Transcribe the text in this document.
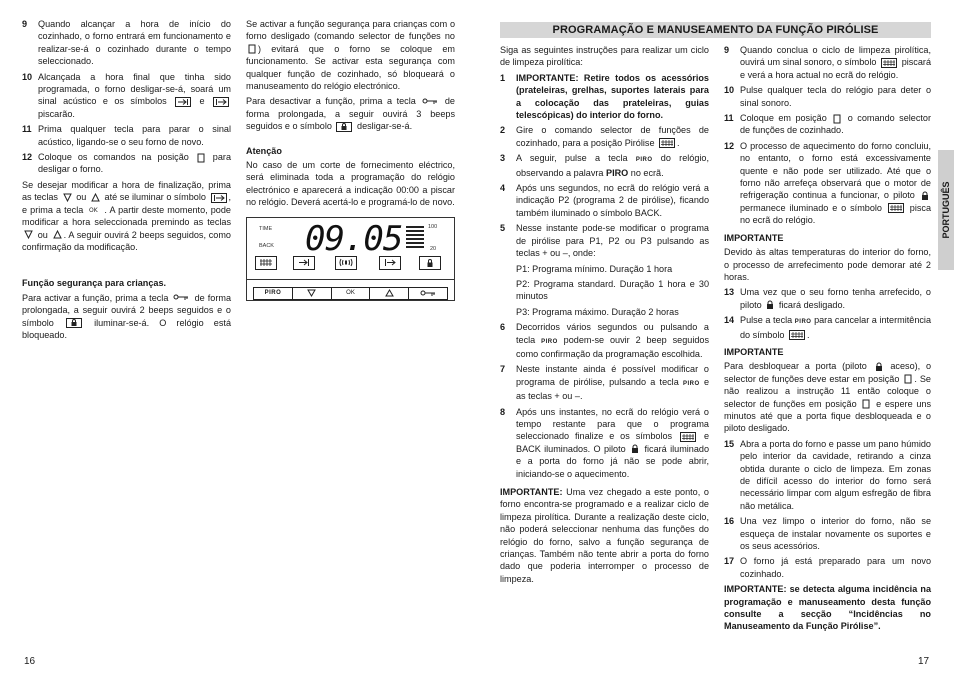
9	Quando alcançar a hora de início do cozinhado, o forno entrará em funcionamento e realizar-se-á o cozinhado durante o tempo seleccionado.
10 Alcançada a hora final que tinha sido programada, o forno desligar-se-á, soará um sinal acústico e os símbolos	e
piscarão.
11 Prima qualquer tecla para parar o sinal acústico, ligando-se o seu forno de novo.
12 Coloque os comandos na posição	para desligar o forno.

Se desejar modificar a hora de finalização, prima as teclas ou até se iluminar o símbolo , e prima a tecla OK . A partir deste momento, pode modificar a hora seleccionada premindo as teclas
ou . A seguir ouvirá 2 beeps seguidos, como confirmação da modificação.

Função segurança para crianças.

Para activar a função, prima a tecla	de forma prolongada, a seguir ouvirá 2 beeps seguidos e o símbolo	iluminar-se-á. O relógio está bloqueado.

Se activar a função segurança para crianças com o forno desligado (comando selector de funções no
) evitará que o forno se coloque em funcionamento. Se activar esta segurança com qualquer função de cozinhado, só bloqueará o manuseamento do relógio electrónico.

Para desactivar a função, prima a tecla	de forma prolongada, a seguir ouvirá 3 beeps seguidos e o símbolo	desligar-se-á.

Atenção

No caso de um corte de fornecimento eléctrico, será eliminada toda a programação do relógio electrónico e aparecerá a indicação 00:00 a piscar no relógio. Deverá acertá-lo e programá-lo de novo.

TIME
BACK 09.05	100
20
PIRO	OK
16
PROGRAMAÇÃO E MANUSEAMENTO DA FUNÇÃO PIRÓLISE
PORTUGUÊS

Siga as seguintes instruções para realizar um ciclo de limpeza pirolítica:

1	IMPORTANTE: Retire todos os acessórios (prateleiras, grelhas, suportes laterais para a colocação das prateleiras, guias telescópicas) do interior do forno.
2	Gire o comando selector de funções de cozinhado, para a posição Pirólise .
3	A seguir, pulse a tecla PIRO do relógio, observando a palavra PIRO no ecrã.
4	Após uns segundos, no ecrã do relógio verá a indicação P2 (programa 2 de pirólise), ficando também iluminado o símbolo BACK.
5	Nesse instante pode-se modificar o programa de pirólise para P1, P2 ou P3 pulsando as teclas + ou –, onde:

P1: Programa mínimo. Duração 1 hora

P2: Programa standard. Duração 1 hora e 30 minutos

P3: Programa máximo. Duração 2 horas

6	Decorridos vários segundos ou pulsando a tecla PIRO podem-se ouvir 2 beep seguidos como confirmação da programação escolhida.
7	Neste instante ainda é possível modificar o programa de pirólise, pulsando a tecla PIRO e as teclas + ou –.
8	Após uns instantes, no ecrã do relógio verá o tempo restante para que o programa seleccionado finalize e os símbolos	e BACK iluminados. O piloto ficará iluminado e a porta do forno já não se pode abrir, iniciando-se o aquecimento.

IMPORTANTE: Uma vez chegado a este ponto, o forno encontra-se programado e a realizar ciclo de limpeza pirolítica. Durante a realização deste ciclo, não poderá seleccionar nenhuma das funções do relógio do forno, salvo a função segurança de crianças. Também não tente abrir a porta do forno dado que poderia interromper o processo de limpeza.

9	Quando conclua o ciclo de limpeza pirolítica, ouvirá um sinal sonoro, o símbolo	piscará e verá a hora actual no ecrã do relógio.
10 Pulse qualquer tecla do relógio para deter o sinal sonoro.
11 Coloque em posição o comando selector de funções de cozinhado.
12 O processo de aquecimento do forno concluiu, no entanto, o forno está excessivamente quente e não pode ser utilizado. Até que o forno não arrefeça observará que o motor de refrigeração continua a funcionar, o piloto
permanece iluminado e o símbolo	pisca no ecrã do relógio.
IMPORTANTE

Devido às altas temperaturas do interior do forno, o processo de arrefecimento pode demorar até 2 horas.

13 Uma vez que o seu forno tenha arrefecido, o piloto ficará desligado.
14 Pulse a tecla PIRO para cancelar a intermitência do símbolo .
IMPORTANTE

Para desbloquear a porta (piloto	aceso), o selector de funções deve estar em posição . Se não realizou a instrução 11 então coloque o selector de funções em posição e espere uns minutos até que a porta fique desbloqueada e o piloto desligado.

15 Abra a porta do forno e passe um pano húmido pelo interior da cavidade, retirando a cinza obtida durante o ciclo de limpeza. Em zonas de difícil acesso do interior do forno será necessário limpar com algum esfregão de fibra não metálica.
16 Una vez limpo o interior do forno, não se esqueça de instalar novamente os suportes e os seus acessórios.
17 O forno já está preparado para um novo cozinhado.

IMPORTANTE: se detecta alguma incidência na programação e manuseamento desta função consulte a secção “Incidências no Manuseamento da Função Pirólise”.

17
